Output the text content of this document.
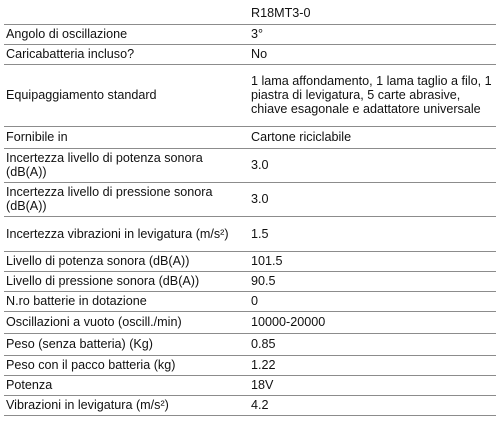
	R18MT3-0
Angolo di oscillazione	3°
Caricabatteria incluso?	No
Equipaggiamento standard	1 lama affondamento, 1 lama taglio a filo, 1 piastra di levigatura, 5 carte abrasive, chiave esagonale e adattatore universale
Fornibile in	Cartone riciclabile
Incertezza livello di potenza sonora (dB(A))	3.0
Incertezza livello di pressione sonora (dB(A))	3.0
Incertezza vibrazioni in levigatura (m/s²)	1.5
Livello di potenza sonora (dB(A))	101.5
Livello di pressione sonora (dB(A))	90.5
N.ro batterie in dotazione	0
Oscillazioni a vuoto (oscill./min)	10000-20000
Peso (senza batteria) (Kg)	0.85
Peso con il pacco batteria (kg)	1.22
Potenza	18V
Vibrazioni in levigatura (m/s²)	4.2
